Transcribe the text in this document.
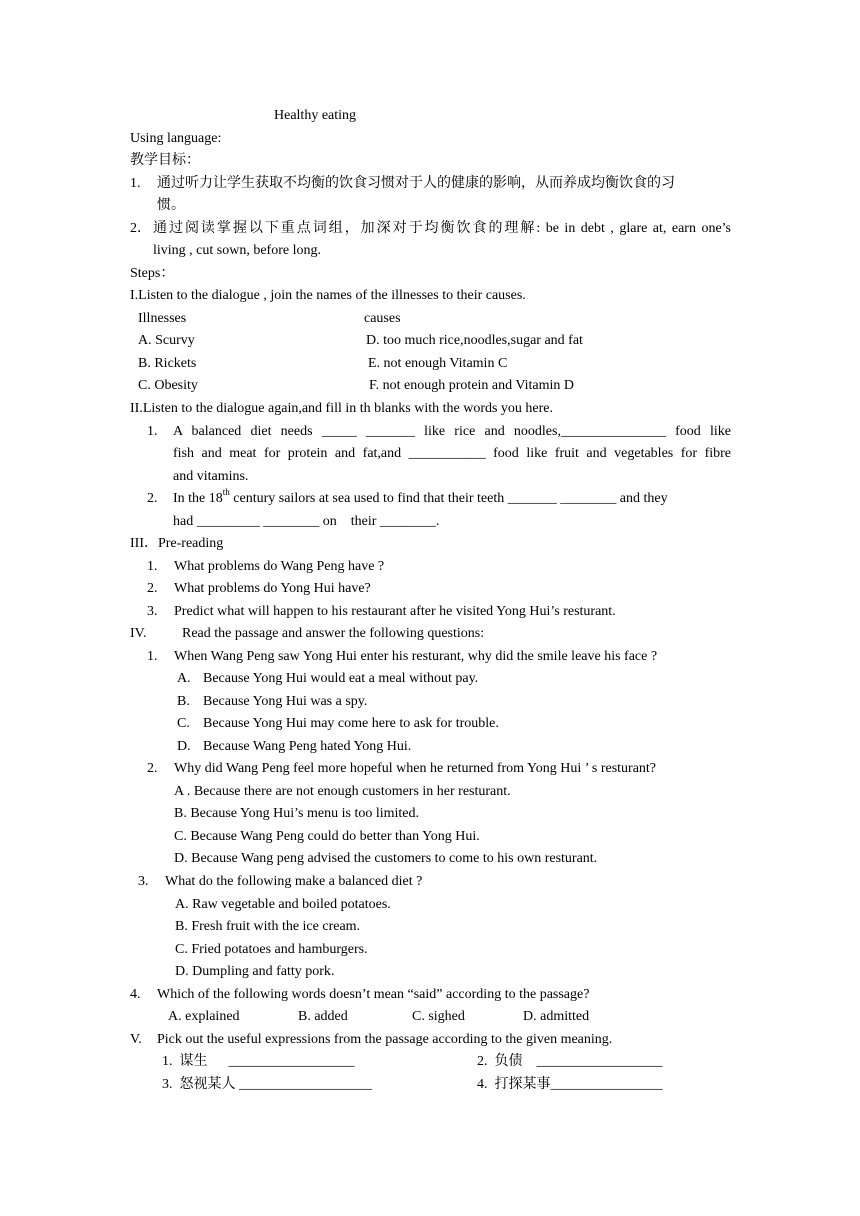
Healthy eating
Using language:
教学目标：
1. 通过听力让学生获取不均衡的饮食习惯对于人的健康的影响，从而养成均衡饮食的习
惯。
2． 通过阅读掌握以下重点词组，加深对于均衡饮食的理解: be in debt , glare at, earn one’s
living , cut sown, before long.
Steps：
I.Listen to the dialogue , join the names of the illnesses to their causes.
Illnesses	causes
A. Scurvy	D. too much rice,noodles,sugar and fat
B. Rickets	E. not enough Vitamin C
C. Obesity	F. not enough protein and Vitamin D
II.Listen to the dialogue again,and fill in th blanks with the words you here.
1. A balanced diet needs _____ _______ like rice and noodles,_______________ food like
fish and meat for protein and fat,and ___________ food like fruit and vegetables for fibre
and vitamins.
2. In the 18th century sailors at sea used to find that their teeth _______ ________ and they
had _________ ________ on    their ________.
III．Pre-reading
1. What problems do Wang Peng have ?
2. What problems do Yong Hui have?
3. Predict what will happen to his restaurant after he visited Yong Hui’s resturant.
IV.	Read the passage and answer the following questions:
1. When Wang Peng saw Yong Hui enter his resturant, why did the smile leave his face ?
A. Because Yong Hui would eat a meal without pay.
B. Because Yong Hui was a spy.
C. Because Yong Hui may come here to ask for trouble.
D. Because Wang Peng hated Yong Hui.
2. Why did Wang Peng feel more hopeful when he returned from Yong Hui ’ s resturant?
A . Because there are not enough customers in her resturant.
B. Because Yong Hui’s menu is too limited.
C. Because Wang Peng could do better than Yong Hui.
D. Because Wang peng advised the customers to come to his own resturant.
3. What do the following make a balanced diet ?
A. Raw vegetable and boiled potatoes.
B. Fresh fruit with the ice cream.
C. Fried potatoes and hamburgers.
D. Dumpling and fatty pork.
4. Which of the following words doesn’t mean “said” according to the passage?
A. explained	B. added	C. sighed	D. admitted
V. Pick out the useful expressions from the passage according to the given meaning.
1.  谋生      __________________	2.  负债    __________________
3.  怒视某人 ___________________	4.  打探某事________________
